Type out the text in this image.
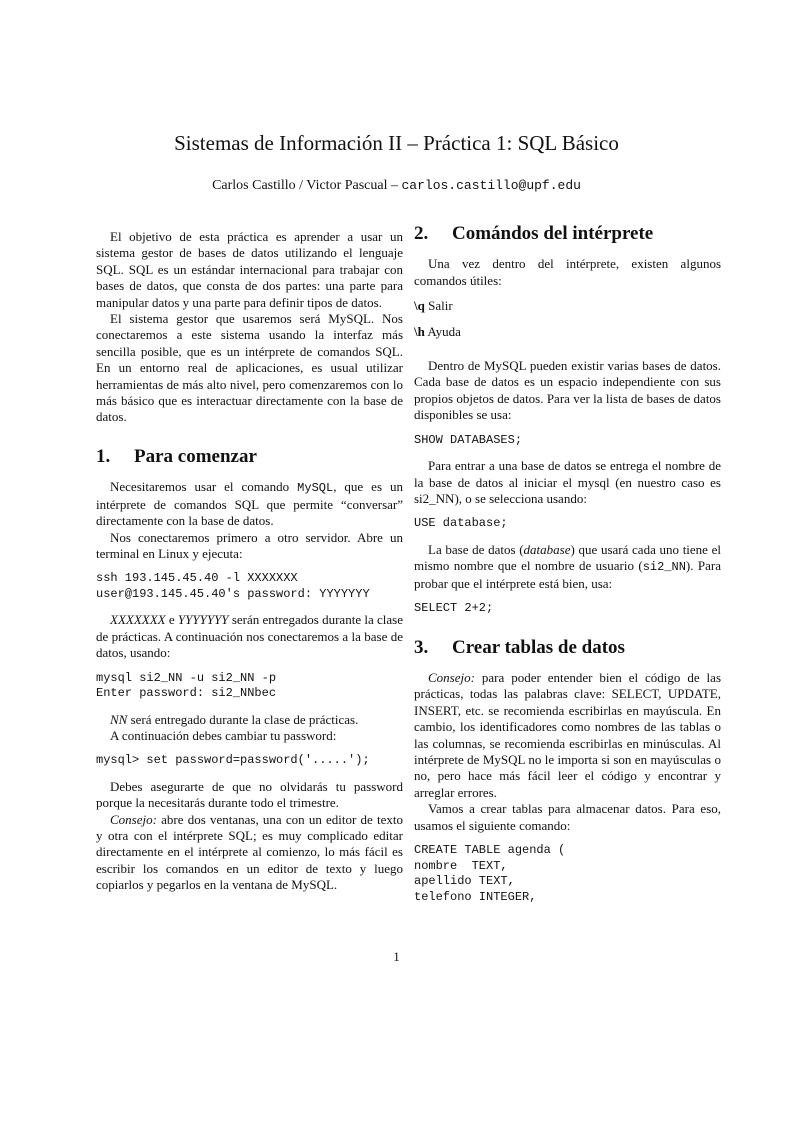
Sistemas de Información II – Práctica 1: SQL Básico
Carlos Castillo / Victor Pascual – carlos.castillo@upf.edu

El objetivo de esta práctica es aprender a usar un sistema gestor de bases de datos utilizando el lenguaje SQL. SQL es un estándar internacional para trabajar con bases de datos, que consta de dos partes: una parte para manipular datos y una parte para definir tipos de datos.

El sistema gestor que usaremos será MySQL. Nos conectaremos a este sistema usando la interfaz más sencilla posible, que es un intérprete de comandos SQL. En un entorno real de aplicaciones, es usual utilizar herramientas de más alto nivel, pero comenzaremos con lo más básico que es interactuar directamente con la base de datos.

1. Para comenzar

Necesitaremos usar el comando MySQL, que es un intérprete de comandos SQL que permite “conversar” directamente con la base de datos.

Nos conectaremos primero a otro servidor. Abre un terminal en Linux y ejecuta:

ssh 193.145.45.40 -l XXXXXXX
user@193.145.45.40's password: YYYYYYY

XXXXXXX e YYYYYYY serán entregados durante la clase de prácticas. A continuación nos conectaremos a la base de datos, usando:

mysql si2_NN -u si2_NN -p
Enter password: si2_NNbec

NN será entregado durante la clase de prácticas.

A continuación debes cambiar tu password:

mysql> set password=password('.....');

Debes asegurarte de que no olvidarás tu password porque la necesitarás durante todo el trimestre.

Consejo: abre dos ventanas, una con un editor de texto y otra con el intérprete SQL; es muy complicado editar directamente en el intérprete al comienzo, lo más fácil es escribir los comandos en un editor de texto y luego copiarlos y pegarlos en la ventana de MySQL.

2. Comándos del intérprete

Una vez dentro del intérprete, existen algunos comandos útiles:

\q Salir
\h Ayuda

Dentro de MySQL pueden existir varias bases de datos. Cada base de datos es un espacio independiente con sus propios objetos de datos. Para ver la lista de bases de datos disponibles se usa:

SHOW DATABASES;

Para entrar a una base de datos se entrega el nombre de la base de datos al iniciar el mysql (en nuestro caso es si2_NN), o se selecciona usando:

USE database;

La base de datos (database) que usará cada uno tiene el mismo nombre que el nombre de usuario (si2_NN). Para probar que el intérprete está bien, usa:

SELECT 2+2;
3. Crear tablas de datos

Consejo: para poder entender bien el código de las prácticas, todas las palabras clave: SELECT, UPDATE, INSERT, etc. se recomienda escribirlas en mayúscula. En cambio, los identificadores como nombres de las tablas o las columnas, se recomienda escribirlas en minúsculas. Al intérprete de MySQL no le importa si son en mayúsculas o no, pero hace más fácil leer el código y encontrar y arreglar errores.

Vamos a crear tablas para almacenar datos. Para eso, usamos el siguiente comando:

CREATE TABLE agenda (
nombre  TEXT,
apellido TEXT,
telefono INTEGER,
1
